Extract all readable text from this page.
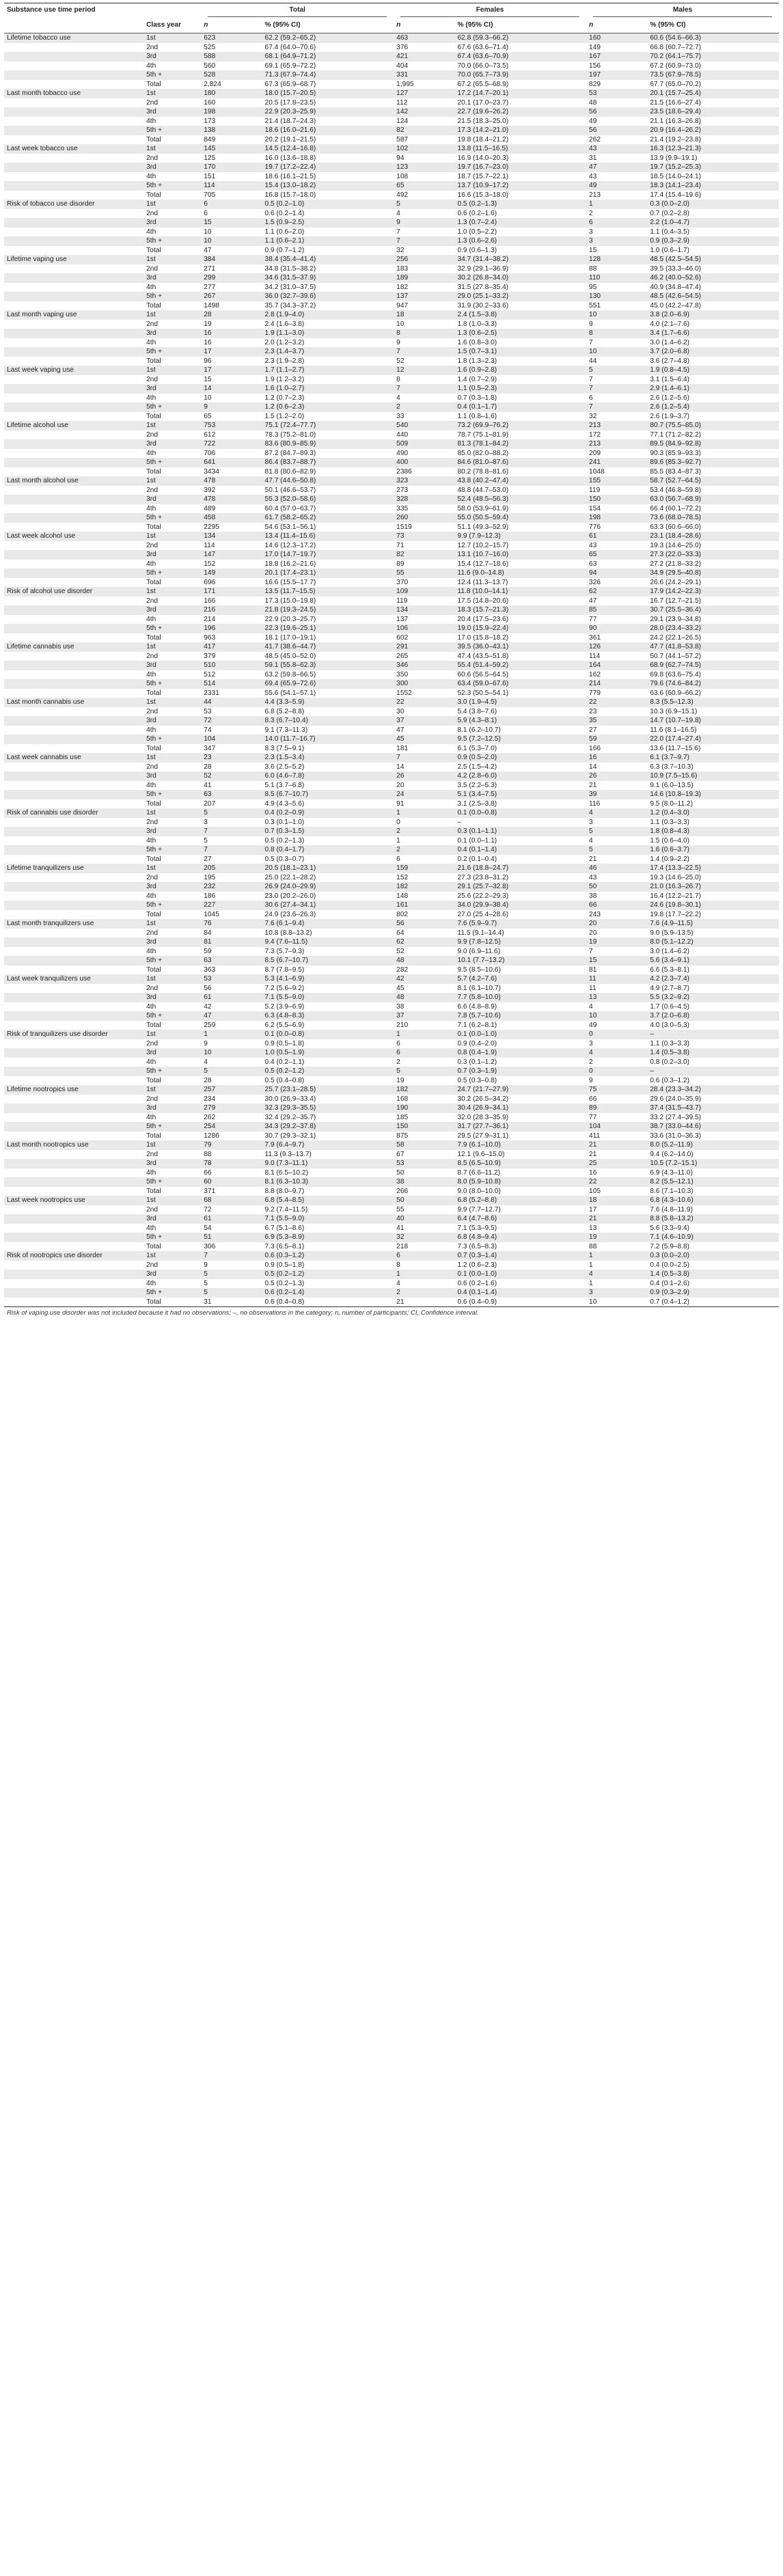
Substance use time period		Total		Females		Males	

	Class year	n	% (95% CI)	n	% (95% CI)	n	% (95% CI)
Lifetime tobacco use	1st	623	62.2 (59.2–65.2)	463	62.8 (59.3–66.2)	160	60.6 (54.6–66.3)
	2nd	525	67.4 (64.0–70.6)	376	67.6 (63.6–71.4)	149	66.8 (60.7–72.7)
	3rd	588	68.1 (64.9–71.2)	421	67.4 (63.6–70.9)	167	70.2 (64.1–75.7)
	4th	560	69.1 (65.9–72.2)	404	70.0 (66.0–73.5)	156	67.2 (60.9–73.0)
	5th +	528	71.3 (67.9–74.4)	331	70.0 (65.7–73.9)	197	73.5 (67.9–78.5)
	Total	2,824	67.3 (65.9–68.7)	1,995	67.2 (65.5–68.9)	829	67.7 (65.0–70.2)
Last month tobacco use	1st	180	18.0 (15.7–20.5)	127	17.2 (14.7–20.1)	53	20.1 (15.7–25.4)
	2nd	160	20.5 (17.8–23.5)	112	20.1 (17.0–23.7)	48	21.5 (16.6–27.4)
	3rd	198	22.9 (20.3–25.9)	142	22.7 (19.6–26.2)	56	23.5 (18.6–29.4)
	4th	173	21.4 (18.7–24.3)	124	21.5 (18.3–25.0)	49	21.1 (16.3–26.8)
	5th +	138	18.6 (16.0–21.6)	82	17.3 (14.2–21.0)	56	20.9 (16.4–26.2)
	Total	849	20.2 (19.1–21.5)	587	19.8 (18.4–21.2)	262	21.4 (19.2–23.8)
Last week tobacco use	1st	145	14.5 (12.4–16.8)	102	13.8 (11.5–16.5)	43	16.3 (12.3–21.3)
	2nd	125	16.0 (13.6–18.8)	94	16.9 (14.0–20.3)	31	13.9 (9.9–19.1)
	3rd	170	19.7 (17.2–22.4)	123	19.7 (16.7–23.0)	47	19.7 (15.2–25.3)
	4th	151	18.6 (16.1–21.5)	108	18.7 (15.7–22.1)	43	18.5 (14.0–24.1)
	5th +	114	15.4 (13.0–18.2)	65	13.7 (10.9–17.2)	49	18.3 (14.1–23.4)
	Total	705	16.8 (15.7–18.0)	492	16.6 (15.3–18.0)	213	17.4 (15.4–19.6)
Risk of tobacco use disorder	1st	6	0.5 (0.2–1.0)	5	0.5 (0.2–1.3)	1	0.3 (0.0–2.0)
	2nd	6	0.6 (0.2–1.4)	4	0.6 (0.2–1.6)	2	0.7 (0.2–2.8)
	3rd	15	1.5 (0.9–2.5)	9	1.3 (0.7–2.4)	6	2.2 (1.0–4.7)
	4th	10	1.1 (0.6–2.0)	7	1.0 (0.5–2.2)	3	1.1 (0.4–3.5)
	5th +	10	1.1 (0.6–2.1)	7	1.3 (0.6–2.6)	3	0.9 (0.3–2.9)
	Total	47	0.9 (0.7–1.2)	32	0.9 (0.6–1.3)	15	1.0 (0.6–1.7)
Lifetime vaping use	1st	384	38.4 (35.4–41.4)	256	34.7 (31.4–38.2)	128	48.5 (42.5–54.5)
	2nd	271	34.8 (31.5–38.2)	183	32.9 (29.1–36.9)	88	39.5 (33.3–46.0)
	3rd	299	34.6 (31.5–37.9)	189	30.2 (26.8–34.0)	110	46.2 (40.0–52.6)
	4th	277	34.2 (31.0–37.5)	182	31.5 (27.8–35.4)	95	40.9 (34.8–47.4)
	5th +	267	36.0 (32.7–39.6)	137	29.0 (25.1–33.2)	130	48.5 (42.6–54.5)
	Total	1498	35.7 (34.3–37.2)	947	31.9 (30.2–33.6)	551	45.0 (42.2–47.8)
Last month vaping use	1st	28	2.8 (1.9–4.0)	18	2.4 (1.5–3.8)	10	3.8 (2.0–6.9)
	2nd	19	2.4 (1.6–3.8)	10	1.8 (1.0–3.3)	9	4.0 (2.1–7.6)
	3rd	16	1.9 (1.1–3.0)	8	1.3 (0.6–2.5)	8	3.4 (1.7–6.6)
	4th	16	2.0 (1.2–3.2)	9	1.6 (0.8–3.0)	7	3.0 (1.4–6.2)
	5th +	17	2.3 (1.4–3.7)	7	1.5 (0.7–3.1)	10	3.7 (2.0–6.8)
	Total	96	2.3 (1.9–2.8)	52	1.8 (1.3–2.3)	44	3.6 (2.7–4.8)
Last week vaping use	1st	17	1.7 (1.1–2.7)	12	1.6 (0.9–2.8)	5	1.9 (0.8–4.5)
	2nd	15	1.9 (1.2–3.2)	8	1.4 (0.7–2.9)	7	3.1 (1.5–6.4)
	3rd	14	1.6 (1.0–2.7)	7	1.1 (0.5–2.3)	7	2.9 (1.4–6.1)
	4th	10	1.2 (0.7–2.3)	4	0.7 (0.3–1.8)	6	2.6 (1.2–5.6)
	5th +	9	1.2 (0.6–2.3)	2	0.4 (0.1–1.7)	7	2.6 (1.2–5.4)
	Total	65	1.5 (1.2–2.0)	33	1.1 (0.8–1.6)	32	2.6 (1.9–3.7)
Lifetime alcohol use	1st	753	75.1 (72.4–77.7)	540	73.2 (69.9–76.2)	213	80.7 (75.5–85.0)
	2nd	612	78.3 (75.2–81.0)	440	78.7 (75.1–81.9)	172	77.1 (71.2–82.2)
	3rd	722	83.6 (80.9–85.9)	509	81.3 (78.1–84.2)	213	89.5 (84.9–92.8)
	4th	706	87.2 (84.7–89.3)	490	85.0 (82.0–88.2)	209	90.3 (85.9–93.3)
	5th +	641	86.4 (83.7–88.7)	400	84.6 (81.0–87.6)	241	89.6 (85.3–92.7)
	Total	3434	81.8 (80.6–82.9)	2386	80.2 (78.8–81.6)	1048	85.5 (83.4–87.3)
Last month alcohol use	1st	478	47.7 (44.6–50.8)	323	43.8 (40.2–47.4)	155	58.7 (52.7–64.5)
	2nd	392	50.1 (46.6–53.7)	273	48.8 (44.7–53.0)	119	53.4 (46.8–59.8)
	3rd	478	55.3 (52.0–58.6)	328	52.4 (48.5–56.3)	150	63.0 (56.7–68.9)
	4th	489	60.4 (57.0–63.7)	335	58.0 (53.9–61.9)	154	66.4 (60.1–72.2)
	5th +	458	61.7 (58.2–65.2)	260	55.0 (50.5–59.4)	198	73.6 (68.0–78.5)
	Total	2295	54.6 (53.1–56.1)	1519	51.1 (49.3–52.9)	776	63.3 (60.6–66.0)
Last week alcohol use	1st	134	13.4 (11.4–15.6)	73	9.9 (7.9–12.3)	61	23.1 (18.4–28.6)
	2nd	114	14.6 (12.3–17.2)	71	12.7 (10.2–15.7)	43	19.3 (14.6–25.0)
	3rd	147	17.0 (14.7–19.7)	82	13.1 (10.7–16.0)	65	27.3 (22.0–33.3)
	4th	152	18.8 (16.2–21.6)	89	15.4 (12.7–18.6)	63	27.2 (21.8–33.2)
	5th +	149	20.1 (17.4–23.1)	55	11.6 (9.0–14.8)	94	34.9 (29.5–40.8)
	Total	696	16.6 (15.5–17.7)	370	12.4 (11.3–13.7)	326	26.6 (24.2–29.1)
Risk of alcohol use disorder	1st	171	13.5 (11.7–15.5)	109	11.8 (10.0–14.1)	62	17.9 (14.2–22.3)
	2nd	166	17.3 (15.0–19.8)	119	17.5 (14.8–20.6)	47	16.7 (12.7–21.5)
	3rd	216	21.8 (19.3–24.5)	134	18.3 (15.7–21.3)	85	30.7 (25.5–36.4)
	4th	214	22.9 (20.3–25.7)	137	20.4 (17.5–23.6)	77	29.1 (23.9–34.8)
	5th +	196	22.3 (19.6–25.1)	106	19.0 (15.9–22.4)	90	28.0 (23.4–33.2)
	Total	963	18.1 (17.0–19.1)	602	17.0 (15.8–18.2)	361	24.2 (22.1–26.5)
Lifetime cannabis use	1st	417	41.7 (38.6–44.7)	291	39.5 (36.0–43.1)	126	47.7 (41.8–53.8)
	2nd	379	48.5 (45.0–52.0)	265	47.4 (43.5–51.8)	114	50.7 (44.1–57.2)
	3rd	510	59.1 (55.8–62.3)	346	55.4 (51.4–59.2)	164	68.9 (62.7–74.5)
	4th	512	63.2 (59.8–66.5)	350	60.6 (56.5–64.5)	162	69.8 (63.6–75.4)
	5th +	514	69.4 (65.9–72.6)	300	63.4 (59.0–67.6)	214	79.6 (74.6–84.2)
	Total	2331	55.6 (54.1–57.1)	1552	52.3 (50.5–54.1)	779	63.6 (60.9–66.2)
Last month cannabis use	1st	44	4.4 (3.3–5.9)	22	3.0 (1.9–4.5)	22	8.3 (5.5–12.3)
	2nd	53	6.8 (5.2–8.8)	30	5.4 (3.8–7.6)	23	10.3 (6.9–15.1)
	3rd	72	8.3 (6.7–10.4)	37	5.9 (4.3–8.1)	35	14.7 (10.7–19.8)
	4th	74	9.1 (7.3–11.3)	47	8.1 (6.2–10.7)	27	11.6 (8.1–16.5)
	5th +	104	14.0 (11.7–16.7)	45	9.5 (7.2–12.5)	59	22.0 (17.4–27.4)
	Total	347	8.3 (7.5–9.1)	181	6.1 (5.3–7.0)	166	13.6 (11.7–15.6)
Last week cannabis use	1st	23	2.3 (1.5–3.4)	7	0.9 (0.5–2.0)	16	6.1 (3.7–9.7)
	2nd	28	3.6 (2.5–5.2)	14	2.5 (1.5–4.2)	14	6.3 (3.7–10.3)
	3rd	52	6.0 (4.6–7.8)	26	4.2 (2.8–6.0)	26	10.9 (7.5–15.6)
	4th	41	5.1 (3.7–6.8)	20	3.5 (2.2–5.3)	21	9.1 (6.0–13.5)
	5th +	63	8.5 (6.7–10.7)	24	5.1 (3.4–7.5)	39	14.6 (10.8–19.3)
	Total	207	4.9 (4.3–5.6)	91	3.1 (2.5–3.8)	116	9.5 (8.0–11.2)
Risk of cannabis use disorder	1st	5	0.4 (0.2–0.9)	1	0.1 (0.0–0.8)	4	1.2 (0.4–3.0)
	2nd	3	0.3 (0.1–1.0)	0	–	3	1.1 (0.3–3.3)
	3rd	7	0.7 (0.3–1.5)	2	0.3 (0.1–1.1)	5	1.8 (0.8–4.3)
	4th	5	0.5 (0.2–1.3)	1	0.1 (0.0–1.1)	4	1.5 (0.6–4.0)
	5th +	7	0.8 (0.4–1.7)	2	0.4 (0.1–1.4)	5	1.6 (0.6–3.7)
	Total	27	0.5 (0.3–0.7)	6	0.2 (0.1–0.4)	21	1.4 (0.9–2.2)
Lifetime tranquilizers use	1st	205	20.5 (18.1–23.1)	159	21.6 (18.8–24.7)	46	17.4 (13.3–22.5)
	2nd	195	25.0 (22.1–28.2)	152	27.3 (23.8–31.2)	43	19.3 (14.6–25.0)
	3rd	232	26.9 (24.0–29.9)	182	29.1 (25.7–32.8)	50	21.0 (16.3–26.7)
	4th	186	23.0 (20.2–26.0)	148	25.6 (22.2–29.3)	38	16.4 (12.2–21.7)
	5th +	227	30.6 (27.4–34.1)	161	34.0 (29.9–38.4)	66	24.6 (19.8–30.1)
	Total	1045	24.9 (23.6–26.3)	802	27.0 (25.4–28.6)	243	19.8 (17.7–22.2)
Last month tranquilizers use	1st	76	7.6 (6.1–9.4)	56	7.6 (5.9–9.7)	20	7.6 (4.9–11.5)
	2nd	84	10.8 (8.8–13.2)	64	11.5 (9.1–14.4)	20	9.0 (5.9–13.5)
	3rd	81	9.4 (7.6–11.5)	62	9.9 (7.8–12.5)	19	8.0 (5.1–12.2)
	4th	59	7.3 (5.7–9.3)	52	9.0 (6.9–11.6)	7	3.0 (1.4–6.2)
	5th +	63	8.5 (6.7–10.7)	48	10.1 (7.7–13.2)	15	5.6 (3.4–9.1)
	Total	363	8.7 (7.8–9.5)	282	9.5 (8.5–10.6)	81	6.6 (5.3–8.1)
Last week tranquilizers use	1st	53	5.3 (4.1–6.9)	42	5.7 (4.2–7.6)	11	4.2 (2.3–7.4)
	2nd	56	7.2 (5.6–9.2)	45	8.1 (6.1–10.7)	11	4.9 (2.7–8.7)
	3rd	61	7.1 (5.5–9.0)	48	7.7 (5.8–10.0)	13	5.5 (3.2–9.2)
	4th	42	5.2 (3.9–6.9)	38	6.6 (4.8–8.9)	4	1.7 (0.6–4.5)
	5th +	47	6.3 (4.8–8.3)	37	7.8 (5.7–10.6)	10	3.7 (2.0–6.8)
	Total	259	6.2 (5.5–6.9)	210	7.1 (6.2–8.1)	49	4.0 (3.0–5.3)
Risk of tranquilizers use disorder	1st	1	0.1 (0.0–0.8)	1	0.1 (0.0–1.0)	0	–
	2nd	9	0.9 (0.5–1.8)	6	0.9 (0.4–2.0)	3	1.1 (0.3–3.3)
	3rd	10	1.0 (0.5–1.9)	6	0.8 (0.4–1.9)	4	1.4 (0.5–3.8)
	4th	4	0.4 (0.2–1.1)	2	0.3 (0.1–1.2)	2	0.8 (0.2–3.0)
	5th +	5	0.5 (0.2–1.2)	5	0.7 (0.3–1.9)	0	–
	Total	28	0.5 (0.4–0.8)	19	0.5 (0.3–0.8)	9	0.6 (0.3–1.2)
Lifetime nootropics use	1st	257	25.7 (23.1–28.5)	182	24.7 (21.7–27.9)	75	28.4 (23.3–34.2)
	2nd	234	30.0 (26.9–33.4)	168	30.2 (26.5–34.2)	66	29.6 (24.0–35.9)
	3rd	279	32.3 (29.3–35.5)	190	30.4 (26.9–34.1)	89	37.4 (31.5–43.7)
	4th	262	32.4 (29.2–35.7)	185	32.0 (28.3–35.9)	77	33.2 (27.4–39.5)
	5th +	254	34.3 (29.2–37.8)	150	31.7 (27.7–36.1)	104	38.7 (33.0–44.6)
	Total	1286	30.7 (29.3–32.1)	875	29.5 (27.9–31.1)	411	33.6 (31.0–36.3)
Last month nootropics use	1st	79	7.9 (6.4–9.7)	58	7.9 (6.1–10.0)	21	8.0 (5.2–11.9)
	2nd	88	11.3 (9.3–13.7)	67	12.1 (9.6–15.0)	21	9.4 (6.2–14.0)
	3rd	78	9.0 (7.3–11.1)	53	8.5 (6.5–10.9)	25	10.5 (7.2–15.1)
	4th	66	8.1 (6.5–10.2)	50	8.7 (6.6–11.2)	16	6.9 (4.3–11.0)
	5th +	60	8.1 (6.3–10.3)	38	8.0 (5.9–10.8)	22	8.2 (5.5–12.1)
	Total	371	8.8 (8.0–9.7)	266	9.0 (8.0–10.0)	105	8.6 (7.1–10.3)
Last week nootropics use	1st	68	6.8 (5.4–8.5)	50	6.8 (5.2–8.8)	18	6.8 (4.3–10.6)
	2nd	72	9.2 (7.4–11.5)	55	9.9 (7.7–12.7)	17	7.6 (4.8–11.9)
	3rd	61	7.1 (5.5–9.0)	40	6.4 (4.7–8.6)	21	8.8 (5.8–13.2)
	4th	54	6.7 (5.1–8.6)	41	7.1 (5.3–9.5)	13	5.6 (3.3–9.4)
	5th +	51	6.9 (5.3–8.9)	32	6.8 (4.8–9.4)	19	7.1 (4.6–10.9)
	Total	306	7.3 (6.5–8.1)	218	7.3 (6.5–8.3)	88	7.2 (5.9–8.8)
Risk of nootropics use disorder	1st	7	0.6 (0.3–1.2)	6	0.7 (0.3–1.4)	1	0.3 (0.0–2.0)
	2nd	9	0.9 (0.5–1.8)	8	1.2 (0.6–2.3)	1	0.4 (0.0–2.5)
	3rd	5	0.5 (0.2–1.2)	1	0.1 (0.0–1.0)	4	1.4 (0.5–3.8)
	4th	5	0.5 (0.2–1.3)	4	0.6 (0.2–1.6)	1	0.4 (0.1–2.6)
	5th +	5	0.6 (0.2–1.4)	2	0.4 (0.1–1.4)	3	0.9 (0.3–2.9)
	Total	31	0.6 (0.4–0.8)	21	0.6 (0.4–0.9)	10	0.7 (0.4–1.2)
Risk of vaping use disorder was not included because it had no observations; –, no observations in the category; n, number of participants; CI, Confidence interval.
